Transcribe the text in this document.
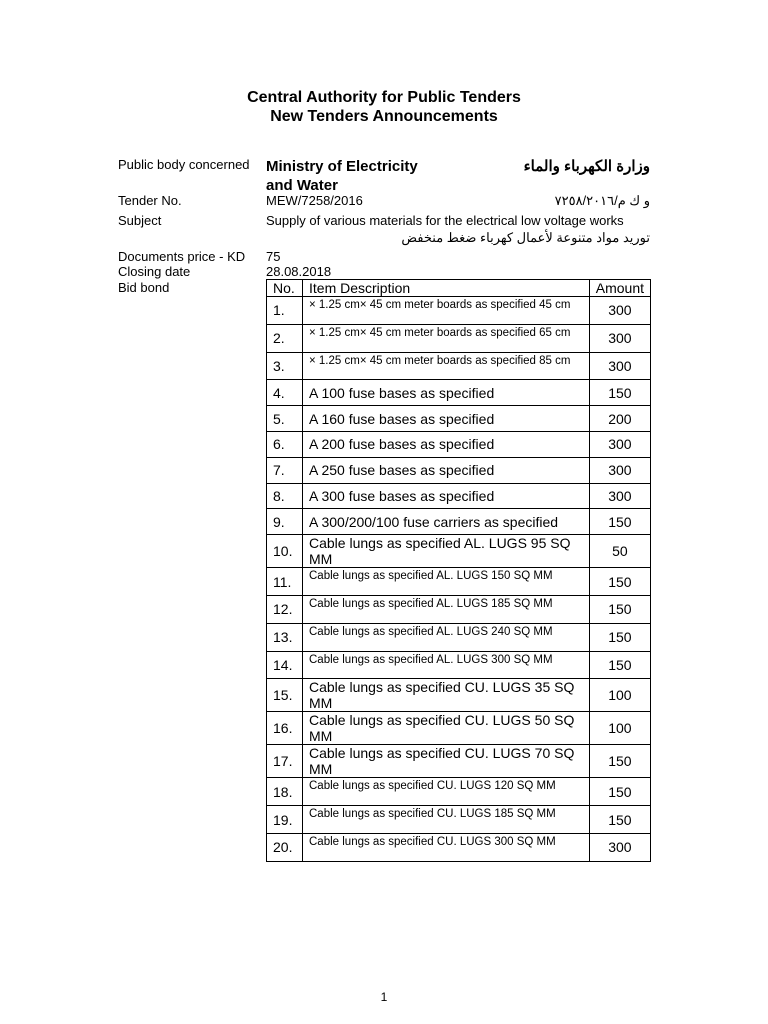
Central Authority for Public Tenders
New Tenders Announcements
Public body concerned Ministry of Electricity and Water
وزارة الكهرباء والماء
Tender No.	MEW/7258/2016	و ك م/٧٢٥٨/٢٠١٦
Subject	Supply of various materials for the electrical low voltage works
توريد مواد متنوعة لأعمال كهرباء ضغط منخفض
Documents price - KD 75
Closing date	28.08.2018
Bid bond	No.	Item Description	Amount
1.	× 1.25 cm× 45 cm meter boards as specified 45 cm	300
2.	× 1.25 cm× 45 cm meter boards as specified 65 cm	300
3.	× 1.25 cm× 45 cm meter boards as specified 85 cm	300
4.	A 100 fuse bases as specified	150
5.	A 160 fuse bases as specified	200
6.	A 200 fuse bases as specified	300
7.	A 250 fuse bases as specified	300
8.	A 300 fuse bases as specified	300
9.	A 300/200/100 fuse carriers as specified	150
10.	Cable lungs as specified AL. LUGS 95 SQ MM	50
11.	Cable lungs as specified AL. LUGS 150 SQ MM	150
12.	Cable lungs as specified AL. LUGS 185 SQ MM	150
13.	Cable lungs as specified AL. LUGS 240 SQ MM	150
14.	Cable lungs as specified AL. LUGS 300 SQ MM	150
15.	Cable lungs as specified CU. LUGS 35 SQ MM	100
16.	Cable lungs as specified CU. LUGS 50 SQ MM	100
17.	Cable lungs as specified CU. LUGS 70 SQ MM	150
18.	Cable lungs as specified CU. LUGS 120 SQ MM	150
19.	Cable lungs as specified CU. LUGS 185 SQ MM	150
20.	Cable lungs as specified CU. LUGS 300 SQ MM	300
1
